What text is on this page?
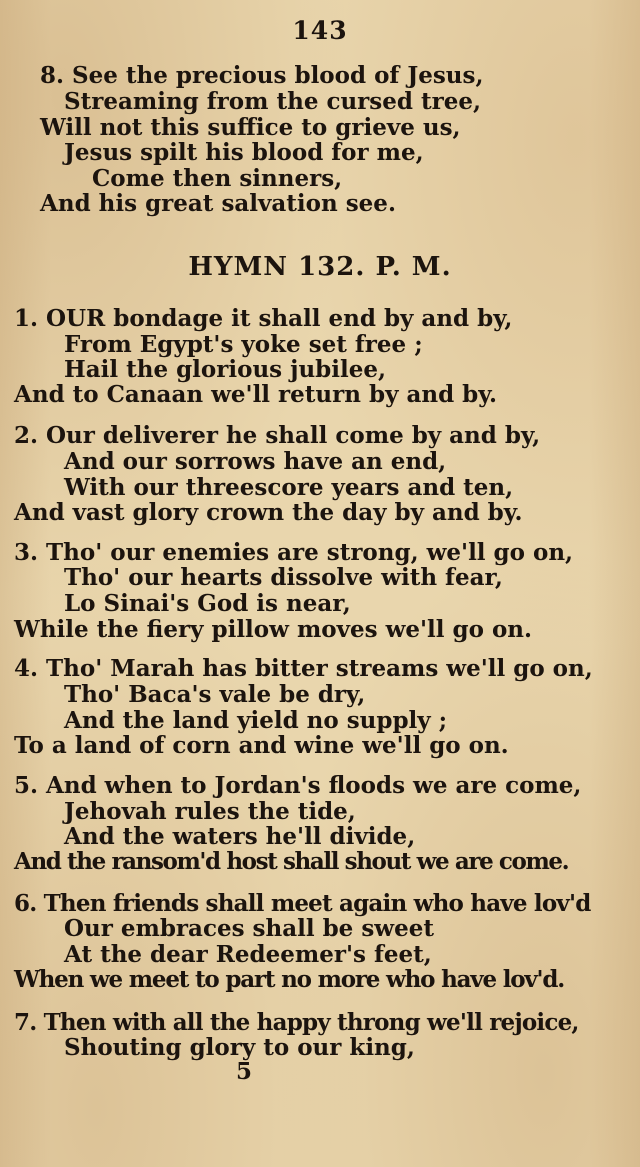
143
8. See the precious blood of Jesus,
Streaming from the cursed tree,
Will not this suffice to grieve us,
Jesus spilt his blood for me,
Come then sinners,
And his great salvation see.
HYMN 132. P. M.
1. OUR bondage it shall end by and by,
From Egypt's yoke set free ;
Hail the glorious jubilee,
And to Canaan we'll return by and by.
2. Our deliverer he shall come by and by,
And our sorrows have an end,
With our threescore years and ten,
And vast glory crown the day by and by.
3. Tho' our enemies are strong, we'll go on,
Tho' our hearts dissolve with fear,
Lo Sinai's God is near,
While the fiery pillow moves we'll go on.
4. Tho' Marah has bitter streams we'll go on,
Tho' Baca's vale be dry,
And the land yield no supply ;
To a land of corn and wine we'll go on.
5. And when to Jordan's floods we are come,
Jehovah rules the tide,
And the waters he'll divide,
And the ransom'd host shall shout we are come.
6. Then friends shall meet again who have lov'd
Our embraces shall be sweet
At the dear Redeemer's feet,
When we meet to part no more who have lov'd.
7. Then with all the happy throng we'll rejoice,
Shouting glory to our king,
5
